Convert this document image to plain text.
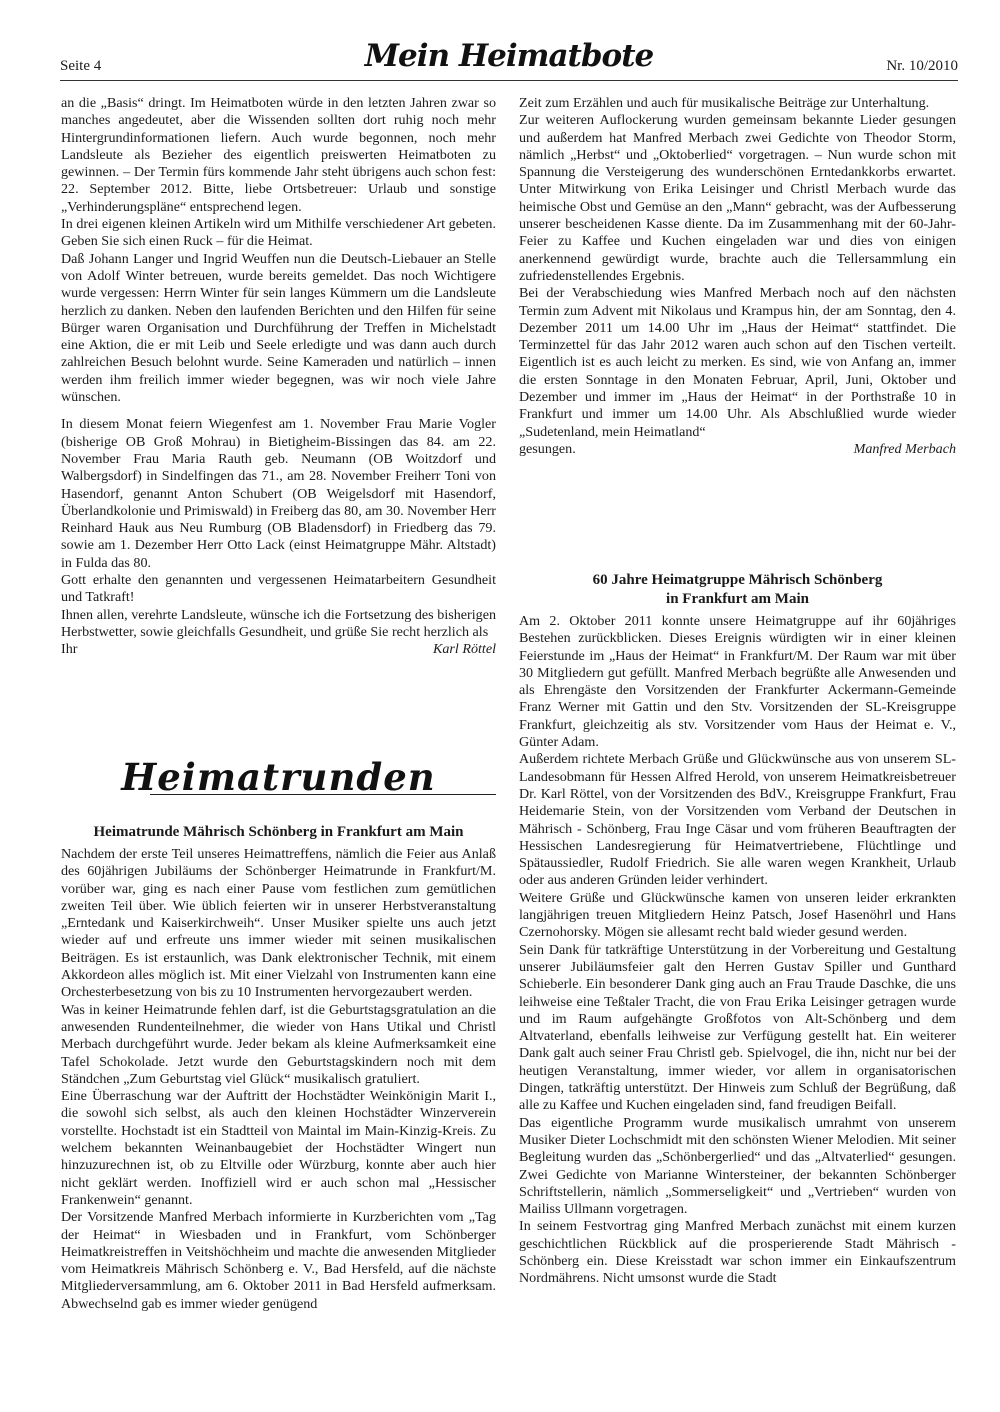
Seite 4	Mein Heimatbote	Nr. 10/2010

an die „Basis“ dringt. Im Heimatboten würde in den letzten Jahren zwar so manches angedeutet, aber die Wissenden sollten dort ruhig noch mehr Hintergrundinformationen liefern. Auch wurde begonnen, noch mehr Landsleute als Bezieher des eigentlich preiswerten Heimatboten zu gewinnen. – Der Termin fürs kommende Jahr steht übrigens auch schon fest: 22. September 2012. Bitte, liebe Ortsbetreuer: Urlaub und sonstige „Verhinderungspläne“ entsprechend legen.

In drei eigenen kleinen Artikeln wird um Mithilfe verschiedener Art gebeten. Geben Sie sich einen Ruck – für die Heimat.

Daß Johann Langer und Ingrid Weuffen nun die Deutsch-Liebauer an Stelle von Adolf Winter betreuen, wurde bereits gemeldet. Das noch Wichtigere wurde vergessen: Herrn Winter für sein langes Kümmern um die Landsleute herzlich zu danken. Neben den laufenden Berichten und den Hilfen für seine Bürger waren Organisation und Durchführung der Treffen in Michelstadt eine Aktion, die er mit Leib und Seele erledigte und was dann auch durch zahlreichen Besuch belohnt wurde. Seine Kameraden und natürlich – innen werden ihm freilich immer wieder begegnen, was wir noch viele Jahre wünschen.

In diesem Monat feiern Wiegenfest am 1. November Frau Marie Vogler (bisherige OB Groß Mohrau) in Bietigheim-Bissingen das 84. am 22. November Frau Maria Rauth geb. Neumann (OB Woitzdorf und Walbergsdorf) in Sindelfingen das 71., am 28. November Freiherr Toni von Hasendorf, genannt Anton Schubert (OB Weigelsdorf mit Hasendorf, Überlandkolonie und Primiswald) in Freiberg das 80, am 30. November Herr Reinhard Hauk aus Neu Rumburg (OB Bladensdorf) in Friedberg das 79. sowie am 1. Dezember Herr Otto Lack (einst Heimatgruppe Mähr. Altstadt) in Fulda das 80.

Gott erhalte den genannten und vergessenen Heimatarbeitern Gesundheit und Tatkraft!

Ihnen allen, verehrte Landsleute, wünsche ich die Fortsetzung des bisherigen Herbstwetter, sowie gleichfalls Gesundheit, und grüße Sie recht herzlich als

Ihr	Karl Röttel
Heimatrunden

Heimatrunde Mährisch Schönberg in Frankfurt am Main

Nachdem der erste Teil unseres Heimattreffens, nämlich die Feier aus Anlaß des 60jährigen Jubiläums der Schönberger Heimatrunde in Frankfurt/M. vorüber war, ging es nach einer Pause vom festlichen zum gemütlichen zweiten Teil über. Wie üblich feierten wir in unserer Herbstveranstaltung „Erntedank und Kaiserkirchweih“. Unser Musiker spielte uns auch jetzt wieder auf und erfreute uns immer wieder mit seinen musikalischen Beiträgen. Es ist erstaunlich, was Dank elektronischer Technik, mit einem Akkordeon alles möglich ist. Mit einer Vielzahl von Instrumenten kann eine Orchesterbesetzung von bis zu 10 Instrumenten hervorgezaubert werden.

Was in keiner Heimatrunde fehlen darf, ist die Geburtstagsgratulation an die anwesenden Rundenteilnehmer, die wieder von Hans Utikal und Christl Merbach durchgeführt wurde. Jeder bekam als kleine Aufmerksamkeit eine Tafel Schokolade. Jetzt wurde den Geburtstagskindern noch mit dem Ständchen „Zum Geburtstag viel Glück“ musikalisch gratuliert.

Eine Überraschung war der Auftritt der Hochstädter Weinkönigin Marit I., die sowohl sich selbst, als auch den kleinen Hochstädter Winzerverein vorstellte. Hochstadt ist ein Stadtteil von Maintal im Main-Kinzig-Kreis. Zu welchem bekannten Weinanbaugebiet der Hochstädter Wingert nun hinzuzurechnen ist, ob zu Eltville oder Würzburg, konnte aber auch hier nicht geklärt werden. Inoffiziell wird er auch schon mal „Hessischer Frankenwein“ genannt.

Der Vorsitzende Manfred Merbach informierte in Kurzberichten vom „Tag der Heimat“ in Wiesbaden und in Frankfurt, vom Schönberger Heimatkreistreffen in Veitshöchheim und machte die anwesenden Mitglieder vom Heimatkreis Mährisch Schönberg e. V., Bad Hersfeld, auf die nächste Mitgliederversammlung, am 6. Oktober 2011 in Bad Hersfeld aufmerksam. Abwechselnd gab es immer wieder genügend

Zeit zum Erzählen und auch für musikalische Beiträge zur Unterhaltung.

Zur weiteren Auflockerung wurden gemeinsam bekannte Lieder gesungen und außerdem hat Manfred Merbach zwei Gedichte von Theodor Storm, nämlich „Herbst“ und „Oktoberlied“ vorgetragen. – Nun wurde schon mit Spannung die Versteigerung des wunderschönen Erntedankkorbs erwartet. Unter Mitwirkung von Erika Leisinger und Christl Merbach wurde das heimische Obst und Gemüse an den „Mann“ gebracht, was der Aufbesserung unserer bescheidenen Kasse diente. Da im Zusammenhang mit der 60-Jahr-Feier zu Kaffee und Kuchen eingeladen war und dies von einigen anerkennend gewürdigt wurde, brachte auch die Tellersammlung ein zufriedenstellendes Ergebnis.

Bei der Verabschiedung wies Manfred Merbach noch auf den nächsten Termin zum Advent mit Nikolaus und Krampus hin, der am Sonntag, den 4. Dezember 2011 um 14.00 Uhr im „Haus der Heimat“ stattfindet. Die Terminzettel für das Jahr 2012 waren auch schon auf den Tischen verteilt. Eigentlich ist es auch leicht zu merken. Es sind, wie von Anfang an, immer die ersten Sonntage in den Monaten Februar, April, Juni, Oktober und Dezember und immer im „Haus der Heimat“ in der Porthstraße 10 in Frankfurt und immer um 14.00 Uhr. Als Abschlußlied wurde wieder „Sudetenland, mein Heimatland“

gesungen.	Manfred Merbach

60 Jahre Heimatgruppe Mährisch Schönberg
in Frankfurt am Main

Am 2. Oktober 2011 konnte unsere Heimatgruppe auf ihr 60jähriges Bestehen zurückblicken. Dieses Ereignis würdigten wir in einer kleinen Feierstunde im „Haus der Heimat“ in Frankfurt/M. Der Raum war mit über 30 Mitgliedern gut gefüllt. Manfred Merbach begrüßte alle Anwesenden und als Ehrengäste den Vorsitzenden der Frankfurter Ackermann-Gemeinde Franz Werner mit Gattin und den Stv. Vorsitzenden der SL-Kreisgruppe Frankfurt, gleichzeitig als stv. Vorsitzender vom Haus der Heimat e. V., Günter Adam.

Außerdem richtete Merbach Grüße und Glückwünsche aus von unserem SL-Landesobmann für Hessen Alfred Herold, von unserem Heimatkreisbetreuer Dr. Karl Röttel, von der Vorsitzenden des BdV., Kreisgruppe Frankfurt, Frau Heidemarie Stein, von der Vorsitzenden vom Verband der Deutschen in Mährisch - Schönberg, Frau Inge Cäsar und vom früheren Beauftragten der Hessischen Landesregierung für Heimatvertriebene, Flüchtlinge und Spätaussiedler, Rudolf Friedrich. Sie alle waren wegen Krankheit, Urlaub oder aus anderen Gründen leider verhindert.

Weitere Grüße und Glückwünsche kamen von unseren leider erkrankten langjährigen treuen Mitgliedern Heinz Patsch, Josef Hasenöhrl und Hans Czernohorsky. Mögen sie allesamt recht bald wieder gesund werden.

Sein Dank für tatkräftige Unterstützung in der Vorbereitung und Gestaltung unserer Jubiläumsfeier galt den Herren Gustav Spiller und Gunthard Schieberle. Ein besonderer Dank ging auch an Frau Traude Daschke, die uns leihweise eine Teßtaler Tracht, die von Frau Erika Leisinger getragen wurde und im Raum aufgehängte Großfotos von Alt-Schönberg und dem Altvaterland, ebenfalls leihweise zur Verfügung gestellt hat. Ein weiterer Dank galt auch seiner Frau Christl geb. Spielvogel, die ihn, nicht nur bei der heutigen Veranstaltung, immer wieder, vor allem in organisatorischen Dingen, tatkräftig unterstützt. Der Hinweis zum Schluß der Begrüßung, daß alle zu Kaffee und Kuchen eingeladen sind, fand freudigen Beifall.

Das eigentliche Programm wurde musikalisch umrahmt von unserem Musiker Dieter Lochschmidt mit den schönsten Wiener Melodien. Mit seiner Begleitung wurden das „Schönbergerlied“ und das „Altvaterlied“ gesungen. Zwei Gedichte von Marianne Wintersteiner, der bekannten Schönberger Schriftstellerin, nämlich „Sommerseligkeit“ und „Vertrieben“ wurden von Mailiss Ullmann vorgetragen.

In seinem Festvortrag ging Manfred Merbach zunächst mit einem kurzen geschichtlichen Rückblick auf die prosperierende Stadt Mährisch - Schönberg ein. Diese Kreisstadt war schon immer ein Einkaufszentrum Nordmährens. Nicht umsonst wurde die Stadt
